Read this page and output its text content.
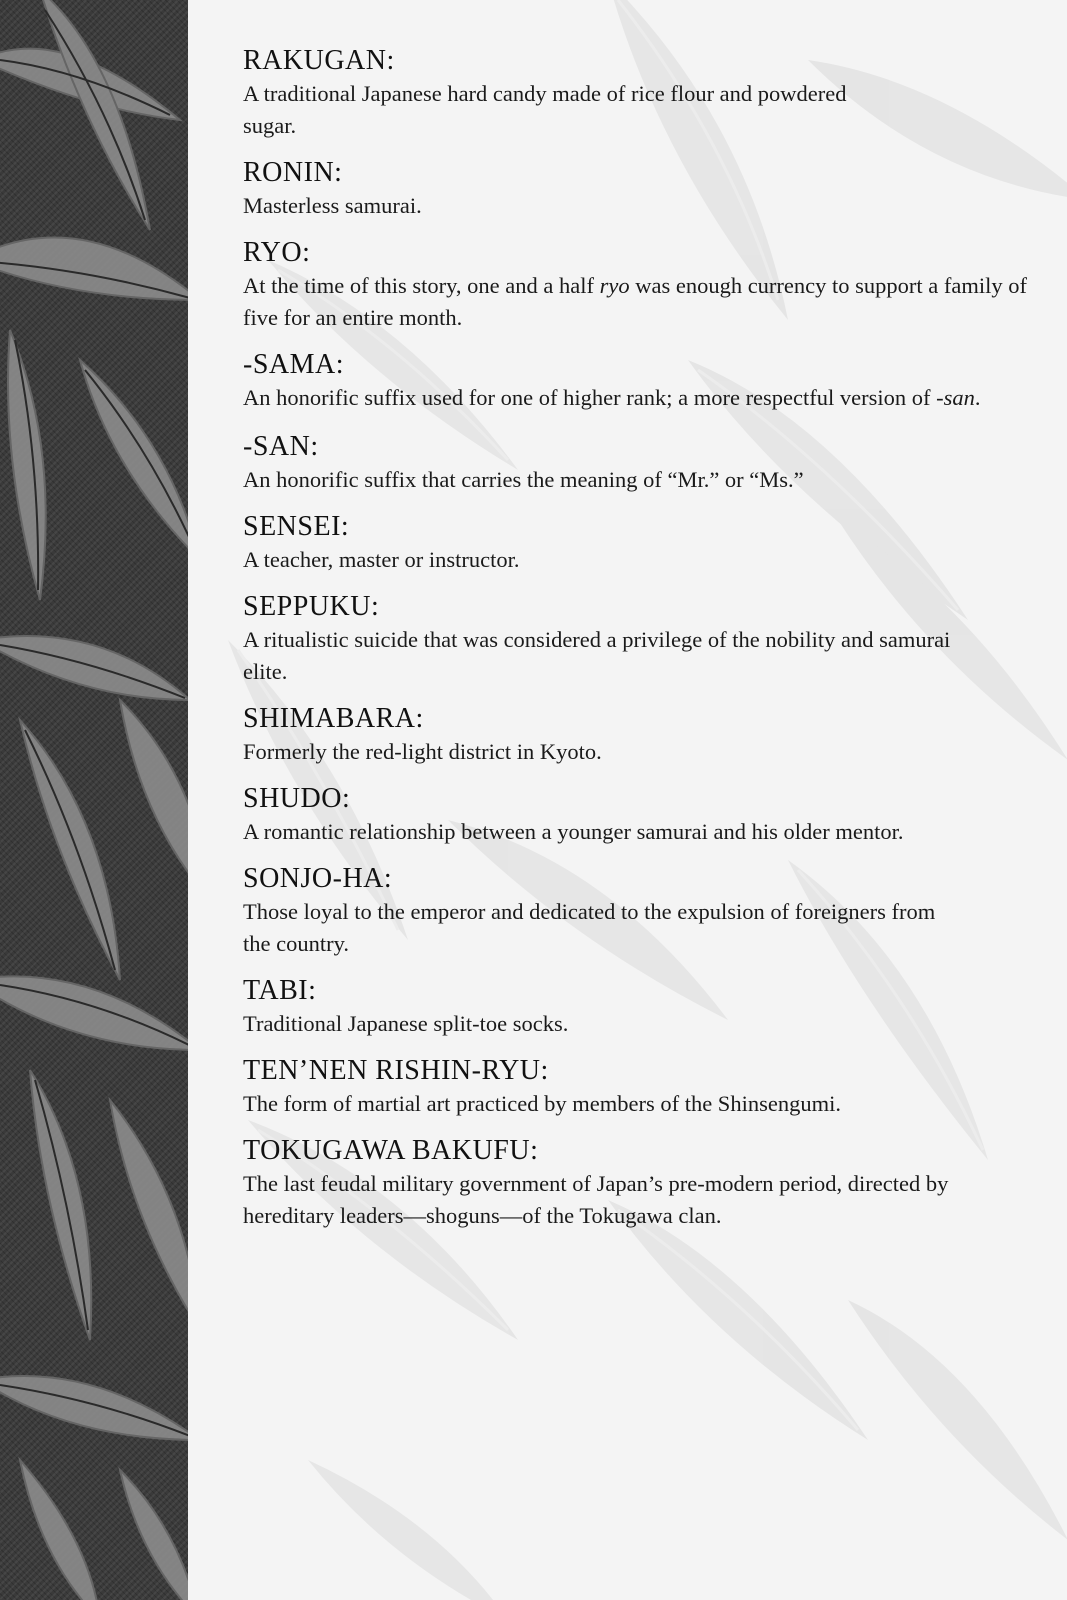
RAKUGAN:
A traditional Japanese hard candy made of rice flour and powdered sugar.
RONIN:
Masterless samurai.
RYO:
At the time of this story, one and a half ryo was enough currency to support a family of five for an entire month.
-SAMA:
An honorific suffix used for one of higher rank; a more respectful version of -san.
-SAN:
An honorific suffix that carries the meaning of “Mr.” or “Ms.”
SENSEI:
A teacher, master or instructor.
SEPPUKU:
A ritualistic suicide that was considered a privilege of the nobility and samurai elite.
SHIMABARA:
Formerly the red-light district in Kyoto.
SHUDO:
A romantic relationship between a younger samurai and his older mentor.
SONJO-HA:
Those loyal to the emperor and dedicated to the expulsion of foreigners from the country.
TABI:
Traditional Japanese split-toe socks.
TEN’NEN RISHIN-RYU:
The form of martial art practiced by members of the Shinsengumi.
TOKUGAWA BAKUFU:
The last feudal military government of Japan’s pre-modern period, directed by hereditary leaders—shoguns—of the Tokugawa clan.
